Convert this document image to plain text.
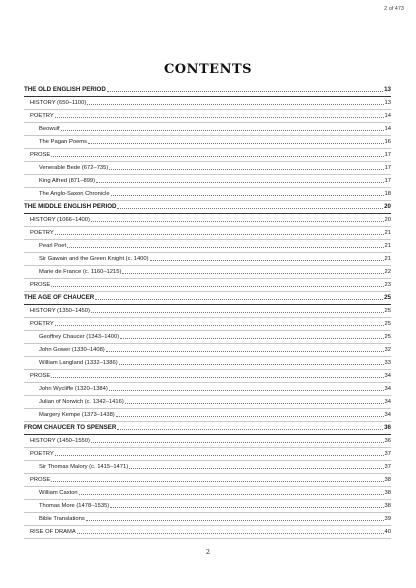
2 of 473
CONTENTS
THE OLD ENGLISH PERIOD	13
HISTORY (650–1100)	13
POETRY	14
Beowulf	14
The Pagan Poems	16
PROSE	17
Venerable Bede (672–735)	17
King Alfred (871–899)	17
The Anglo-Saxon Chronicle	18
THE MIDDLE ENGLISH PERIOD	20
HISTORY (1066–1400)	20
POETRY	21
Pearl Poet	21
Sir Gawain and the Green Knight (c. 1400)	21
Marie de France (c. 1160–1215)	22
PROSE	23
THE AGE OF CHAUCER	25
HISTORY (1350–1450)	25
POETRY	25
Geoffrey Chaucer (1343–1400)	25
John Gower (1330–1408)	32
William Langland (1332–1386)	33
PROSE	34
John Wycliffe (1320–1384)	34
Julian of Norwich (c. 1342–1416)	34
Margery Kempe (1373–1438)	34
FROM CHAUCER TO SPENSER	36
HISTORY (1450–1550)	36
POETRY	37
Sir Thomas Malory (c. 1415–1471)	37
PROSE	38
William Caxton	38
Thomas More (1478–1535)	38
Bible Translations	39
RISE OF DRAMA	40
2
